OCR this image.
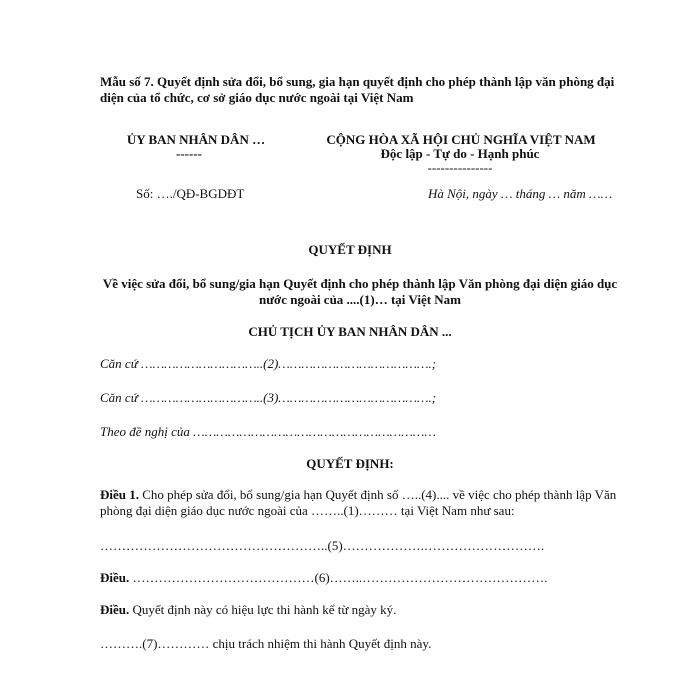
Mẫu số 7. Quyết định sửa đổi, bổ sung, gia hạn quyết định cho phép thành lập văn phòng đại diện của tổ chức, cơ sở giáo dục nước ngoài tại Việt Nam
ỦY BAN NHÂN DÂN …
------
CỘNG HÒA XÃ HỘI CHỦ NGHĨA VIỆT NAM
Độc lập - Tự do - Hạnh phúc
---------------
Số: …./QĐ-BGDĐT	Hà Nội, ngày … tháng … năm ……
QUYẾT ĐỊNH
Về việc sửa đổi, bổ sung/gia hạn Quyết định cho phép thành lập Văn phòng đại diện giáo dục nước ngoài của ....(1)… tại Việt Nam
CHỦ TỊCH ỦY BAN NHÂN DÂN ...
Căn cứ …………………………..(2)………………………………….;
Căn cứ …………………………..(3)………………………………….;
Theo đề nghị của ………………………………………………………
QUYẾT ĐỊNH:
Điều 1. Cho phép sửa đổi, bổ sung/gia hạn Quyết định số …..(4).... về việc cho phép thành lập Văn phòng đại diện giáo dục nước ngoài của ……..(1)……… tại Việt Nam như sau:
……………………………………………..(5)……………….……………………….
Điều. ……………………………………(6)……..…………………………………….
Điều. Quyết định này có hiệu lực thi hành kể từ ngày ký.
……….(7)………… chịu trách nhiệm thi hành Quyết định này.
